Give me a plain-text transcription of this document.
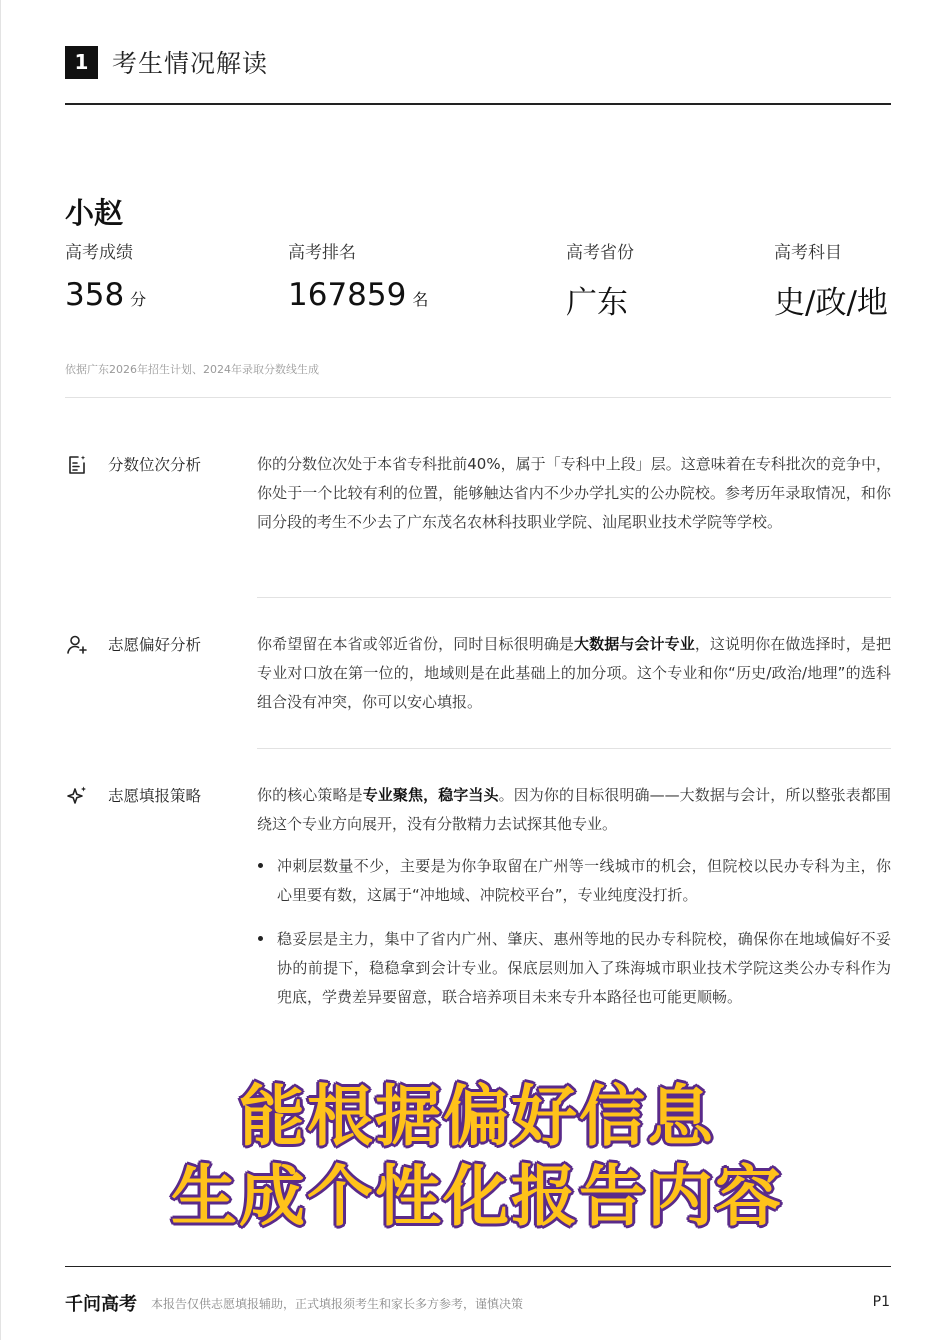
1 考生情况解读
小赵
高考成绩
358 分
高考排名
167859 名
高考省份
广东
高考科目
史/政/地
依据广东2026年招生计划、2024年录取分数线生成
分数位次分析	你的分数位次处于本省专科批前40%，属于「专科中上段」层。这意味着在专科批次的竞争中，你处于一个比较有利的位置，能够触达省内不少办学扎实的公办院校。参考历年录取情况，和你同分段的考生不少去了广东茂名农林科技职业学院、汕尾职业技术学院等学校。
志愿偏好分析	你希望留在本省或邻近省份，同时目标很明确是大数据与会计专业，这说明你在做选择时，是把专业对口放在第一位的，地域则是在此基础上的加分项。这个专业和你“历史/政治/地理”的选科组合没有冲突，你可以安心填报。
志愿填报策略	你的核心策略是专业聚焦，稳字当头。因为你的目标很明确——大数据与会计，所以整张表都围绕这个专业方向展开，没有分散精力去试探其他专业。
冲刺层数量不少，主要是为你争取留在广州等一线城市的机会，但院校以民办专科为主，你心里要有数，这属于“冲地域、冲院校平台”，专业纯度没打折。
稳妥层是主力，集中了省内广州、肇庆、惠州等地的民办专科院校，确保你在地域偏好不妥协的前提下，稳稳拿到会计专业。保底层则加入了珠海城市职业技术学院这类公办专科作为兜底，学费差异要留意，联合培养项目未来专升本路径也可能更顺畅。
能根据偏好信息
生成个性化报告内容
千问高考 本报告仅供志愿填报辅助，正式填报须考生和家长多方参考，谨慎决策	P1
